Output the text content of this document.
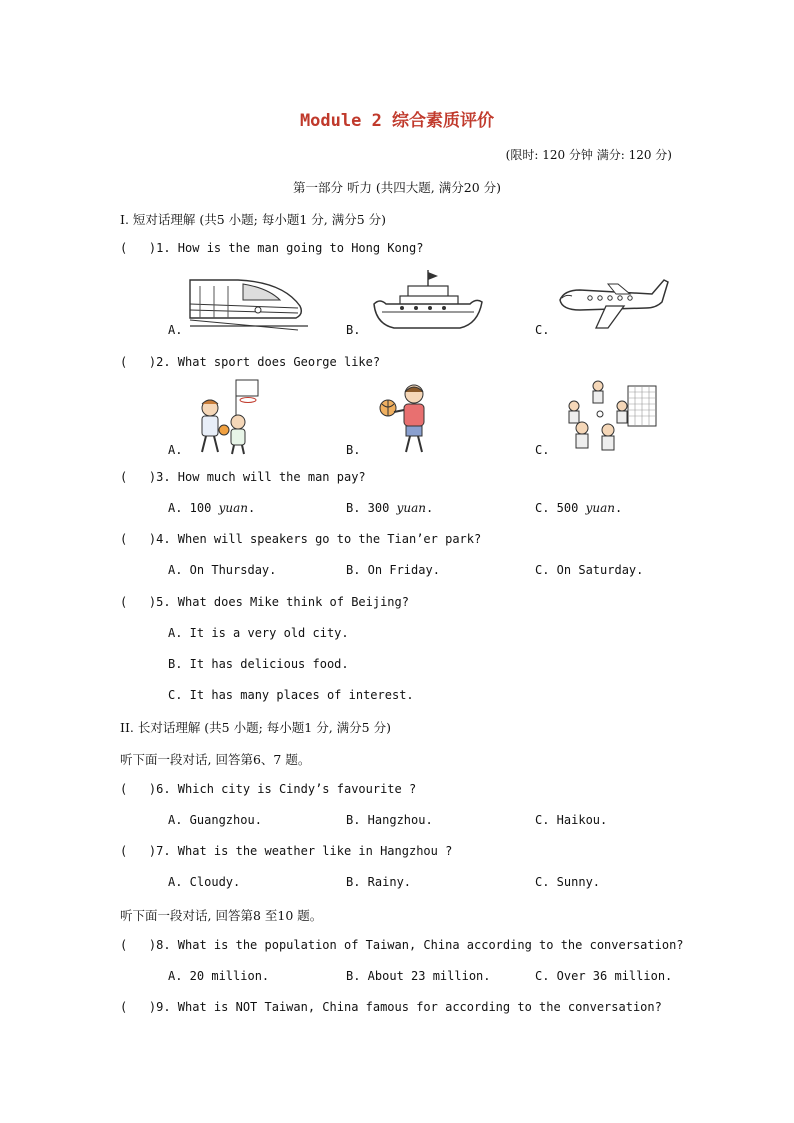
Module 2 综合素质评价
(限时: 120 分钟 满分: 120 分)
第一部分 听力 (共四大题, 满分20 分)
I. 短对话理解 (共5 小题; 每小题1 分, 满分5 分)
(   )1. How is the man going to Hong Kong?
A.	B.	C.
(   )2. What sport does George like?
A.	B.	C.
(   )3. How much will the man pay?
A. 100 yuan.	B. 300 yuan.	C. 500 yuan.
(   )4. When will speakers go to the Tian’er park?
A. On Thursday.	B. On Friday.	C. On Saturday.
(   )5. What does Mike think of Beijing?
A. It is a very old city.
B. It has delicious food.
C. It has many places of interest.
II. 长对话理解 (共5 小题; 每小题1 分, 满分5 分)
听下面一段对话, 回答第6、7 题。
(   )6. Which city is Cindy’s favourite ?
A. Guangzhou.	B. Hangzhou.	C. Haikou.
(   )7. What is the weather like in Hangzhou ?
A. Cloudy.	B. Rainy.	C. Sunny.
听下面一段对话, 回答第8 至10 题。
(   )8. What is the population of Taiwan, China according to the conversation?
A. 20 million.	B. About 23 million.	C. Over 36 million.
(   )9. What is NOT Taiwan, China famous for according to the conversation?
